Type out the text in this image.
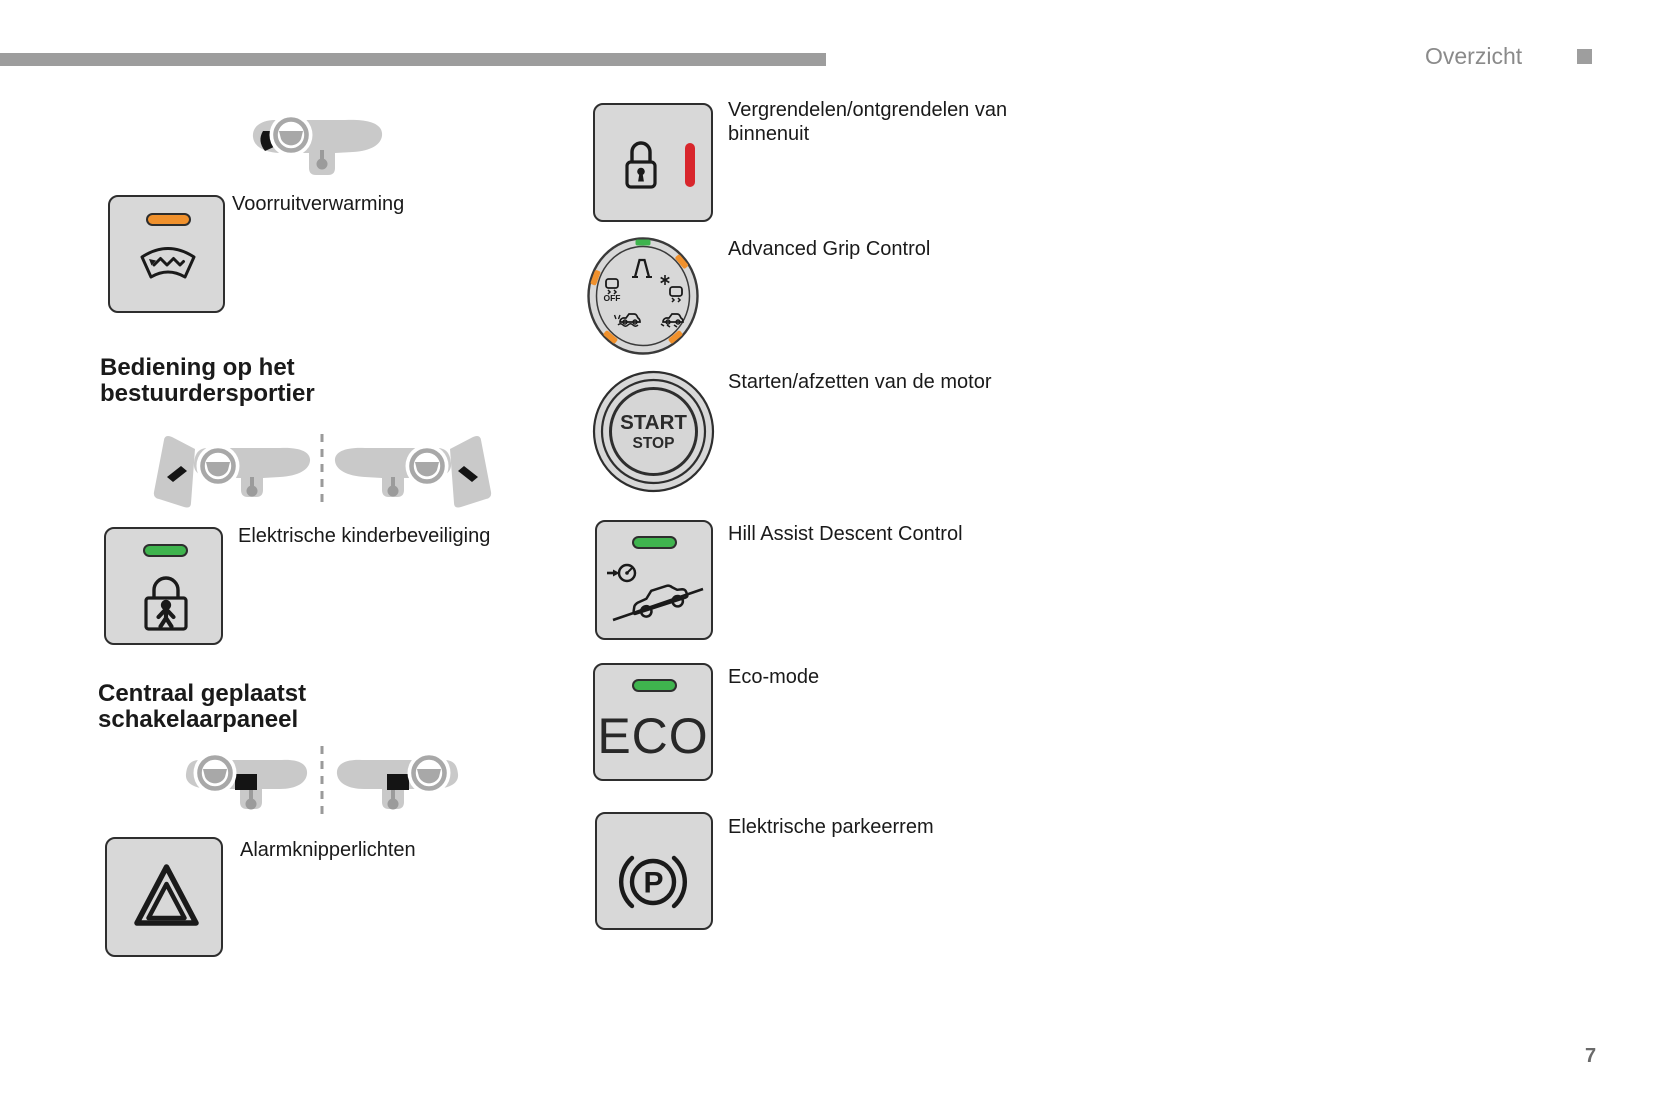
Overzicht
Voorruitverwarming
Bediening op het
bestuurdersportier
Elektrische kinderbeveiliging
Centraal geplaatst
schakelaarpaneel
Alarmknipperlichten
Vergrendelen/ontgrendelen van
binnenuit
OFF
Advanced Grip Control
START
STOP
Starten/afzetten van de motor
Hill Assist Descent Control
ECO
Eco-mode
P
Elektrische parkeerrem
7
